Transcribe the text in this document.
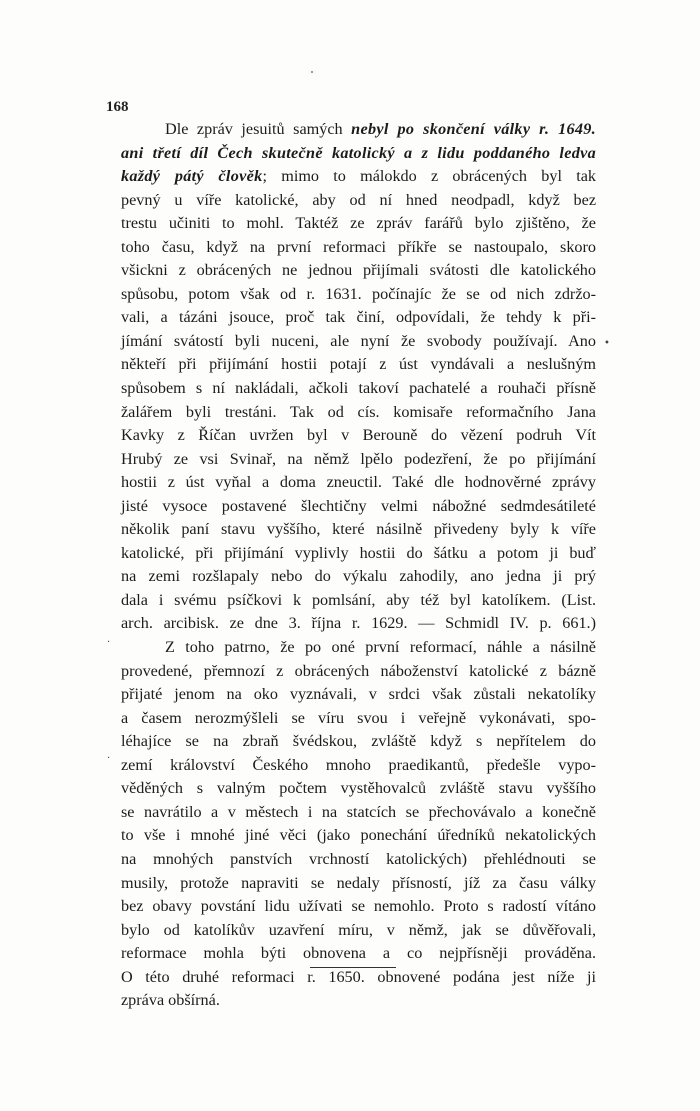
168
Dle zpráv jesuitů samých nebyl po skončení války r. 1649.
ani třetí díl Čech skutečně katolický a z lidu poddaného ledva
každý pátý člověk; mimo to málokdo z obrácených byl tak
pevný u víře katolické, aby od ní hned neodpadl, když bez
trestu učiniti to mohl. Taktéž ze zpráv farářů bylo zjištěno, že
toho času, když na první reformaci příkře se nastoupalo, skoro
všickni z obrácených ne jednou přijímali svátosti dle katolického
spůsobu, potom však od r. 1631. počínajíc že se od nich zdržo-
vali, a tázáni jsouce, proč tak činí, odpovídali, že tehdy k při-
jímání svátostí byli nuceni, ale nyní že svobody používají. Ano
někteří při přijímání hostii potají z úst vyndávali a neslušným
spůsobem s ní nakládali, ačkoli takoví pachatelé a rouhači přísně
žalářem byli trestáni. Tak od cís. komisaře reformačního Jana
Kavky z Říčan uvržen byl v Berouně do vězení podruh Vít
Hrubý ze vsi Svinař, na němž lpělo podezření, že po přijímání
hostii z úst vyňal a doma zneuctil. Také dle hodnověrné zprávy
jisté vysoce postavené šlechtičny velmi nábožné sedmdesátileté
několik paní stavu vyššího, které násilně přivedeny byly k víře
katolické, při přijímání vyplivly hostii do šátku a potom ji buď
na zemi rozšlapaly nebo do výkalu zahodily, ano jedna ji prý
dala i svému psíčkovi k pomlsání, aby též byl katolíkem. (List.
arch. arcibisk. ze dne 3. října r. 1629. — Schmidl IV. p. 661.)
Z toho patrno, že po oné první reformací, náhle a násilně
provedené, přemnozí z obrácených náboženství katolické z bázně
přijaté jenom na oko vyznávali, v srdci však zůstali nekatolíky
a časem nerozmýšleli se víru svou i veřejně vykonávati, spo-
léhajíce se na zbraň švédskou, zvláště když s nepřítelem do
zemí království Českého mnoho praedikantů, předešle vypo-
věděných s valným počtem vystěhovalců zvláště stavu vyššího
se navrátilo a v městech i na statcích se přechovávalo a konečně
to vše i mnohé jiné věci (jako ponechání úředníků nekatolických
na mnohých panstvích vrchností katolických) přehlédnouti se
musily, protože napraviti se nedaly přísností, jíž za času války
bez obavy povstání lidu užívati se nemohlo. Proto s radostí vítáno
bylo od katolíkův uzavření míru, v němž, jak se důvěřovali,
reformace mohla býti obnovena a co nejpřísněji prováděna.
O této druhé reformaci r. 1650. obnovené podána jest níže ji
zpráva obšírná.
•
·
·
